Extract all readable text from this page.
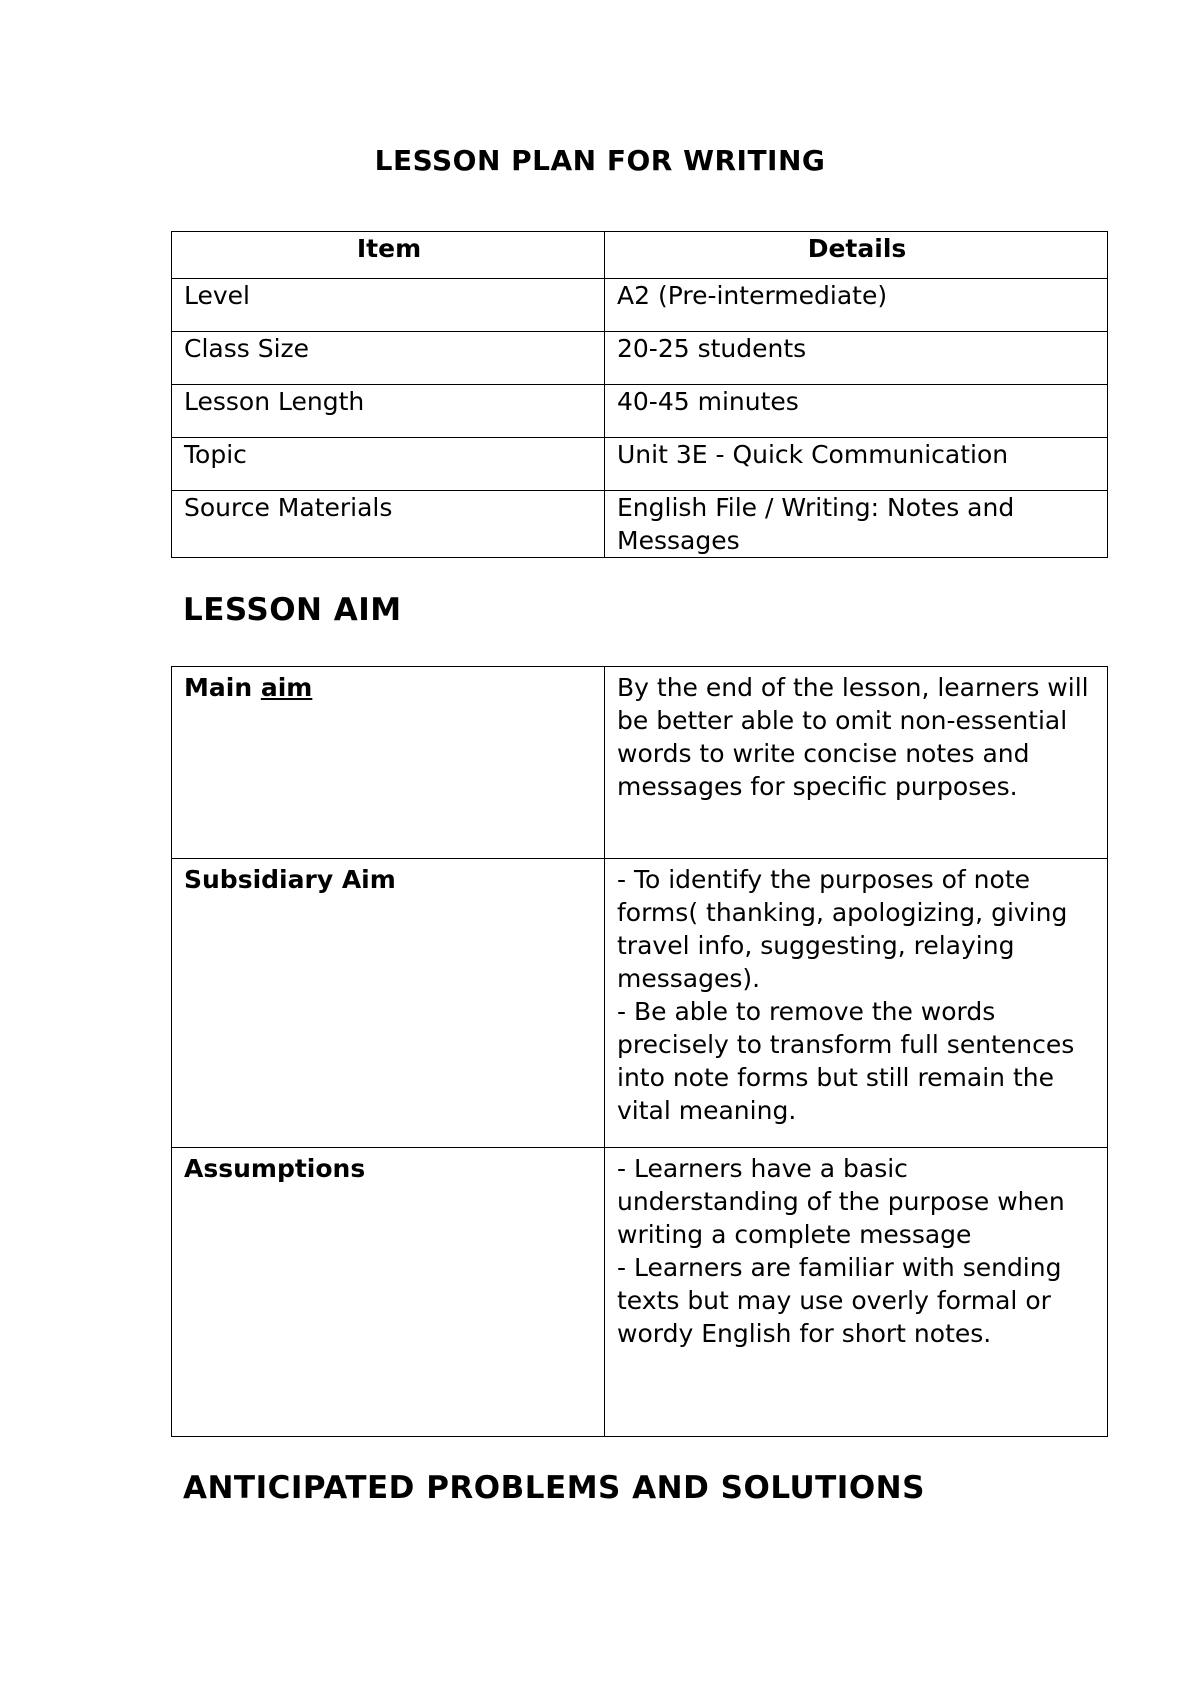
LESSON PLAN FOR WRITING
Item	Details
Level	A2 (Pre-intermediate)
Class Size	20-25 students
Lesson Length	40-45 minutes
Topic	Unit 3E - Quick Communication
Source Materials	English File / Writing: Notes and Messages
LESSON AIM
Main aim	By the end of the lesson, learners will be better able to omit non-essential words to write concise notes and messages for specific purposes.
Subsidiary Aim	- To identify the purposes of note forms( thanking, apologizing, giving travel info, suggesting, relaying messages).
- Be able to remove the words precisely to transform full sentences into note forms but still remain the vital meaning.

Assumptions	- Learners have a basic understanding of the purpose when writing a complete message
- Learners are familiar with sending texts but may use overly formal or wordy English for short notes.
ANTICIPATED PROBLEMS AND SOLUTIONS
